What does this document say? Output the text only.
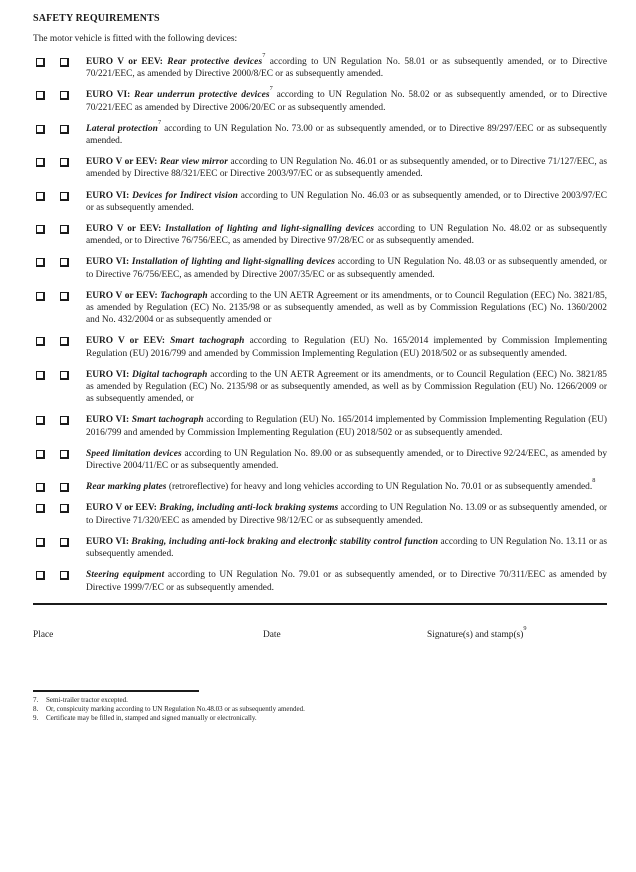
SAFETY REQUIREMENTS

The motor vehicle is fitted with the following devices:

EURO V or EEV: Rear protective devices$^7$ according to UN Regulation No. 58.01 or as subsequently amended, or to Directive 70/221/EEC, as amended by Directive 2000/8/EC or as subsequently amended.

EURO VI: Rear underrun protective devices$^7$ according to UN Regulation No. 58.02 or as subsequently amended, or to Directive 70/221/EEC as amended by Directive 2006/20/EC or as subsequently amended.

Lateral protection$^7$ according to UN Regulation No. 73.00 or as subsequently amended, or to Directive 89/297/EEC or as subsequently amended.

EURO V or EEV: Rear view mirror according to UN Regulation No. 46.01 or as subsequently amended, or to Directive 71/127/EEC, as amended by Directive 88/321/EEC or Directive 2003/97/EC or as subsequently amended.

EURO VI: Devices for Indirect vision according to UN Regulation No. 46.03 or as subsequently amended, or to Directive 2003/97/EC or as subsequently amended.

EURO V or EEV: Installation of lighting and light-signalling devices according to UN Regulation No. 48.02 or as subsequently amended, or to Directive 76/756/EEC, as amended by Directive 97/28/EC or as subsequently amended.

EURO VI: Installation of lighting and light-signalling devices according to UN Regulation No. 48.03 or as subsequently amended, or to Directive 76/756/EEC, as amended by Directive 2007/35/EC or as subsequently amended.

EURO V or EEV: Tachograph according to the UN AETR Agreement or its amendments, or to Council Regulation (EEC) No. 3821/85, as amended by Regulation (EC) No. 2135/98 or as subsequently amended, as well as by Commission Regulations (EC) No. 1360/2002 and No. 432/2004 or as subsequently amended or

EURO V or EEV: Smart tachograph according to Regulation (EU) No. 165/2014 implemented by Commission Implementing Regulation (EU) 2016/799 and amended by Commission Implementing Regulation (EU) 2018/502 or as subsequently amended.

EURO VI: Digital tachograph according to the UN AETR Agreement or its amendments, or to Council Regulation (EEC) No. 3821/85 as amended by Regulation (EC) No. 2135/98 or as subsequently amended, as well as by Commission Regulation (EU) No. 1266/2009 or as subsequently amended, or

EURO VI: Smart tachograph according to Regulation (EU) No. 165/2014 implemented by Commission Implementing Regulation (EU) 2016/799 and amended by Commission Implementing Regulation (EU) 2018/502 or as subsequently amended.

Speed limitation devices according to UN Regulation No. 89.00 or as subsequently amended, or to Directive 92/24/EEC, as amended by Directive 2004/11/EC or as subsequently amended.

Rear marking plates (retroreflective) for heavy and long vehicles according to UN Regulation No. 70.01 or as subsequently amended.$^8$

EURO V or EEV: Braking, including anti-lock braking systems according to UN Regulation No. 13.09 or as subsequently amended, or to Directive 71/320/EEC as amended by Directive 98/12/EC or as subsequently amended.

EURO VI: Braking, including anti-lock braking and electronic stability control function according to UN Regulation No. 13.11 or as subsequently amended.

Steering equipment according to UN Regulation No. 79.01 or as subsequently amended, or to Directive 70/311/EEC as amended by Directive 1999/7/EC or as subsequently amended.

Place	Date	Signature(s) and $stamp(s)^9$
7.	Semi-trailer tractor excepted.
8.	Or, conspicuity marking according to UN Regulation No.48.03 or as subsequently amended.
9.	Certificate may be filled in, stamped and signed manually or electronically.
